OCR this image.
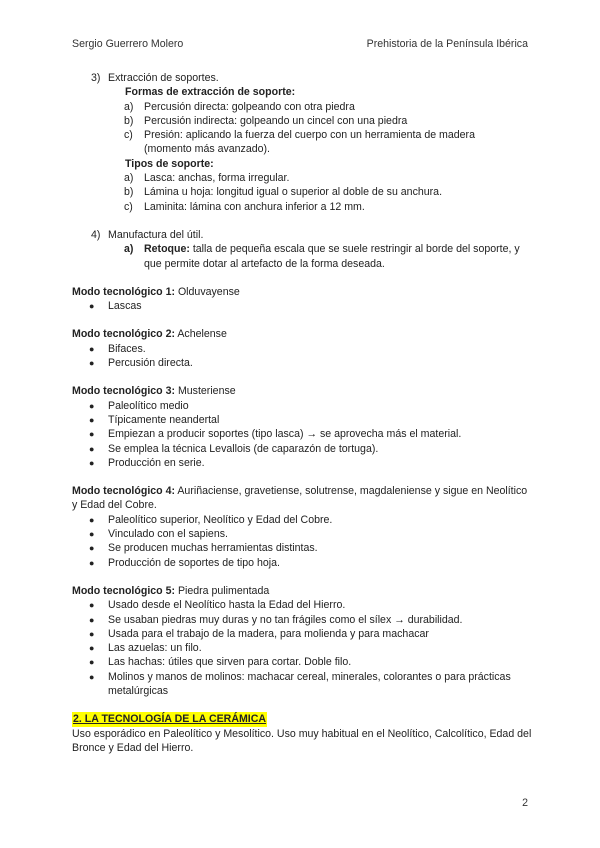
Sergio Guerrero Molero	Prehistoria de la Península Ibérica
3) Extracción de soportes.
Formas de extracción de soporte:
a) Percusión directa: golpeando con otra piedra
b) Percusión indirecta: golpeando un cincel con una piedra
c) Presión: aplicando la fuerza del cuerpo con un herramienta de madera (momento más avanzado).
Tipos de soporte:
a) Lasca: anchas, forma irregular.
b) Lámina u hoja: longitud igual o superior al doble de su anchura.
c) Laminita: lámina con anchura inferior a 12 mm.
4) Manufactura del útil.
a) Retoque: talla de pequeña escala que se suele restringir al borde del soporte, y que permite dotar al artefacto de la forma deseada.
Modo tecnológico 1: Olduvayense
● Lascas
Modo tecnológico 2: Achelense
● Bifaces.
● Percusión directa.
Modo tecnológico 3: Musteriense
● Paleolítico medio
● Típicamente neandertal
● Empiezan a producir soportes (tipo lasca) → se aprovecha más el material.
● Se emplea la técnica Levallois (de caparazón de tortuga).
● Producción en serie.
Modo tecnológico 4: Auriñaciense, gravetiense, solutrense, magdaleniense y sigue en Neolítico y Edad del Cobre.
● Paleolítico superior, Neolítico y Edad del Cobre.
● Vinculado con el sapiens.
● Se producen muchas herramientas distintas.
● Producción de soportes de tipo hoja.
Modo tecnológico 5: Piedra pulimentada
● Usado desde el Neolítico hasta la Edad del Hierro.
● Se usaban piedras muy duras y no tan frágiles como el sílex → durabilidad.
● Usada para el trabajo de la madera, para molienda y para machacar
● Las azuelas: un filo.
● Las hachas: útiles que sirven para cortar. Doble filo.
● Molinos y manos de molinos: machacar cereal, minerales, colorantes o para prácticas metalúrgicas
2. LA TECNOLOGÍA DE LA CERÁMICA
Uso esporádico en Paleolítico y Mesolítico. Uso muy habitual en el Neolítico, Calcolítico, Edad del Bronce y Edad del Hierro.
2
